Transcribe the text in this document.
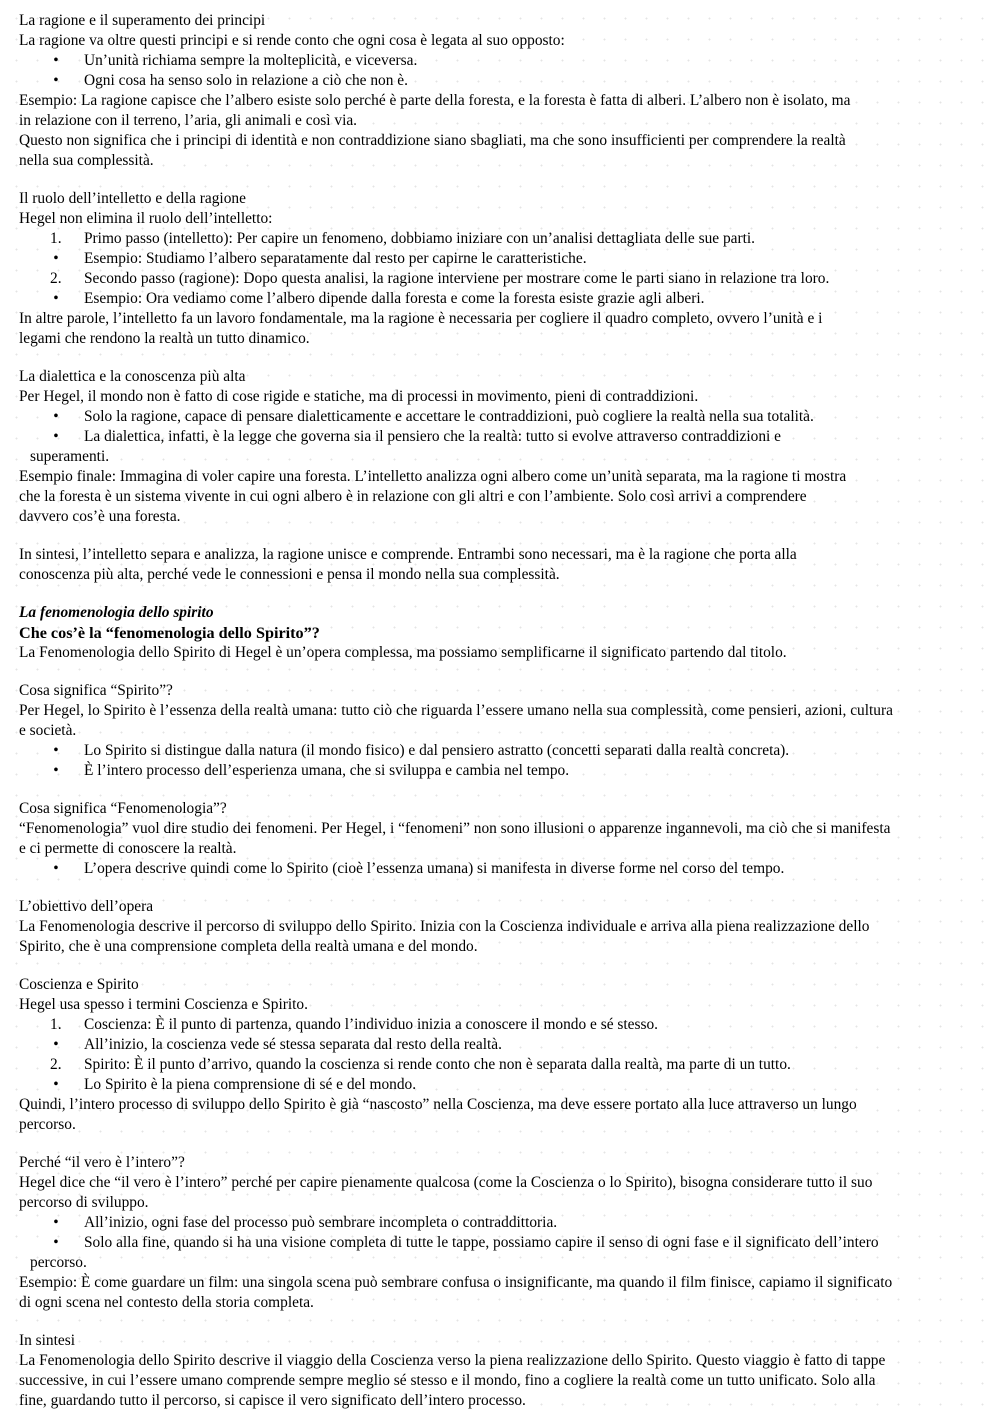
La ragione e il superamento dei principi
La ragione va oltre questi principi e si rende conto che ogni cosa è legata al suo opposto:
• Un’unità richiama sempre la molteplicità, e viceversa.
• Ogni cosa ha senso solo in relazione a ciò che non è.
Esempio: La ragione capisce che l’albero esiste solo perché è parte della foresta, e la foresta è fatta di alberi. L’albero non è isolato, ma
in relazione con il terreno, l’aria, gli animali e così via.
Questo non significa che i principi di identità e non contraddizione siano sbagliati, ma che sono insufficienti per comprendere la realtà
nella sua complessità.
Il ruolo dell’intelletto e della ragione
Hegel non elimina il ruolo dell’intelletto:
1. Primo passo (intelletto): Per capire un fenomeno, dobbiamo iniziare con un’analisi dettagliata delle sue parti.
• Esempio: Studiamo l’albero separatamente dal resto per capirne le caratteristiche.
2. Secondo passo (ragione): Dopo questa analisi, la ragione interviene per mostrare come le parti siano in relazione tra loro.
• Esempio: Ora vediamo come l’albero dipende dalla foresta e come la foresta esiste grazie agli alberi.
In altre parole, l’intelletto fa un lavoro fondamentale, ma la ragione è necessaria per cogliere il quadro completo, ovvero l’unità e i
legami che rendono la realtà un tutto dinamico.
La dialettica e la conoscenza più alta
Per Hegel, il mondo non è fatto di cose rigide e statiche, ma di processi in movimento, pieni di contraddizioni.
• Solo la ragione, capace di pensare dialetticamente e accettare le contraddizioni, può cogliere la realtà nella sua totalità.
• La dialettica, infatti, è la legge che governa sia il pensiero che la realtà: tutto si evolve attraverso contraddizioni e
superamenti.
Esempio finale: Immagina di voler capire una foresta. L’intelletto analizza ogni albero come un’unità separata, ma la ragione ti mostra
che la foresta è un sistema vivente in cui ogni albero è in relazione con gli altri e con l’ambiente. Solo così arrivi a comprendere
davvero cos’è una foresta.
In sintesi, l’intelletto separa e analizza, la ragione unisce e comprende. Entrambi sono necessari, ma è la ragione che porta alla
conoscenza più alta, perché vede le connessioni e pensa il mondo nella sua complessità.
La fenomenologia dello spirito
Che cos’è la “fenomenologia dello Spirito”?
La Fenomenologia dello Spirito di Hegel è un’opera complessa, ma possiamo semplificarne il significato partendo dal titolo.
Cosa significa “Spirito”?
Per Hegel, lo Spirito è l’essenza della realtà umana: tutto ciò che riguarda l’essere umano nella sua complessità, come pensieri, azioni, cultura
e società.
• Lo Spirito si distingue dalla natura (il mondo fisico) e dal pensiero astratto (concetti separati dalla realtà concreta).
• È l’intero processo dell’esperienza umana, che si sviluppa e cambia nel tempo.
Cosa significa “Fenomenologia”?
“Fenomenologia” vuol dire studio dei fenomeni. Per Hegel, i “fenomeni” non sono illusioni o apparenze ingannevoli, ma ciò che si manifesta
e ci permette di conoscere la realtà.
• L’opera descrive quindi come lo Spirito (cioè l’essenza umana) si manifesta in diverse forme nel corso del tempo.
L’obiettivo dell’opera
La Fenomenologia descrive il percorso di sviluppo dello Spirito. Inizia con la Coscienza individuale e arriva alla piena realizzazione dello
Spirito, che è una comprensione completa della realtà umana e del mondo.
Coscienza e Spirito
Hegel usa spesso i termini Coscienza e Spirito.
1. Coscienza: È il punto di partenza, quando l’individuo inizia a conoscere il mondo e sé stesso.
• All’inizio, la coscienza vede sé stessa separata dal resto della realtà.
2. Spirito: È il punto d’arrivo, quando la coscienza si rende conto che non è separata dalla realtà, ma parte di un tutto.
• Lo Spirito è la piena comprensione di sé e del mondo.
Quindi, l’intero processo di sviluppo dello Spirito è già “nascosto” nella Coscienza, ma deve essere portato alla luce attraverso un lungo
percorso.
Perché “il vero è l’intero”?
Hegel dice che “il vero è l’intero” perché per capire pienamente qualcosa (come la Coscienza o lo Spirito), bisogna considerare tutto il suo
percorso di sviluppo.
• All’inizio, ogni fase del processo può sembrare incompleta o contraddittoria.
• Solo alla fine, quando si ha una visione completa di tutte le tappe, possiamo capire il senso di ogni fase e il significato dell’intero
percorso.
Esempio: È come guardare un film: una singola scena può sembrare confusa o insignificante, ma quando il film finisce, capiamo il significato
di ogni scena nel contesto della storia completa.
In sintesi
La Fenomenologia dello Spirito descrive il viaggio della Coscienza verso la piena realizzazione dello Spirito. Questo viaggio è fatto di tappe
successive, in cui l’essere umano comprende sempre meglio sé stesso e il mondo, fino a cogliere la realtà come un tutto unificato. Solo alla
fine, guardando tutto il percorso, si capisce il vero significato dell’intero processo.
